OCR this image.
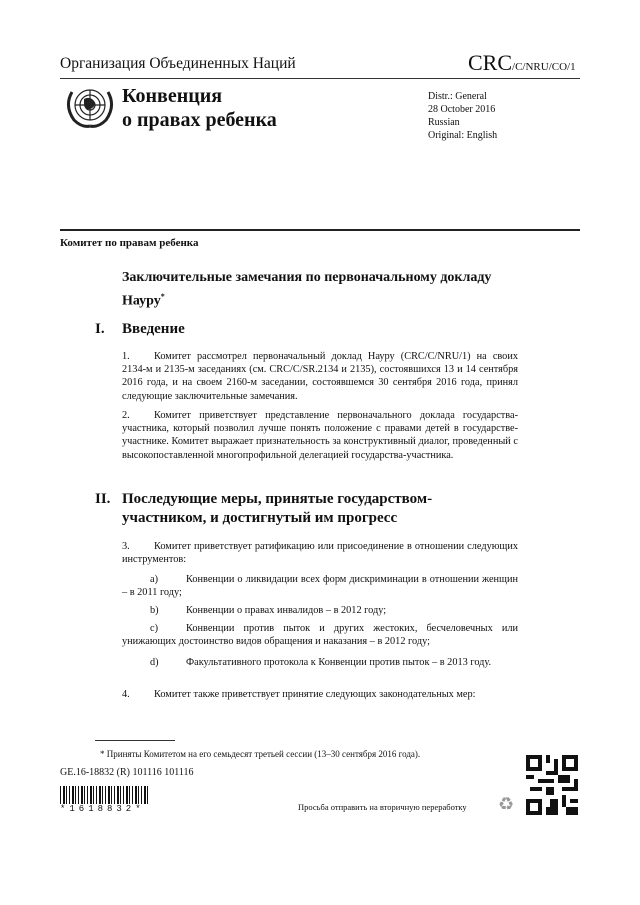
Организация Объединенных Наций	CRC/C/NRU/CO/1
Конвенция
о правах ребенка
Distr.: General
28 October 2016
Russian
Original: English
Комитет по правам ребенка
Заключительные замечания по первоначальному докладу Науру*
I. Введение
1. Комитет рассмотрел первоначальный доклад Науру (CRC/C/NRU/1) на своих 2134-м и 2135-м заседаниях (см. CRC/C/SR.2134 и 2135), состоявшихся 13 и 14 сентября 2016 года, и на своем 2160-м заседании, состоявшемся 30 сентября 2016 года, принял следующие заключительные замечания.
2. Комитет приветствует представление первоначального доклада государства-участника, который позволил лучше понять положение с правами детей в государстве-участнике. Комитет выражает признательность за конструктивный диалог, проведенный с высокопоставленной многопрофильной делегацией государства-участника.
II. Последующие меры, принятые государством-участником, и достигнутый им прогресс
3. Комитет приветствует ратификацию или присоединение в отношении следующих инструментов:
a)	Конвенции о ликвидации всех форм дискриминации в отношении женщин – в 2011 году;
b)	Конвенции о правах инвалидов – в 2012 году;
c)	Конвенции против пыток и других жестоких, бесчеловечных или унижающих достоинство видов обращения и наказания – в 2012 году;
d)	Факультативного протокола к Конвенции против пыток – в 2013 году.
4. Комитет также приветствует принятие следующих законодательных мер:
* Приняты Комитетом на его семьдесят третьей сессии (13–30 сентября 2016 года).
GE.16-18832 (R) 101116 101116
*1618832*	Просьба отправить на вторичную переработку ♻
